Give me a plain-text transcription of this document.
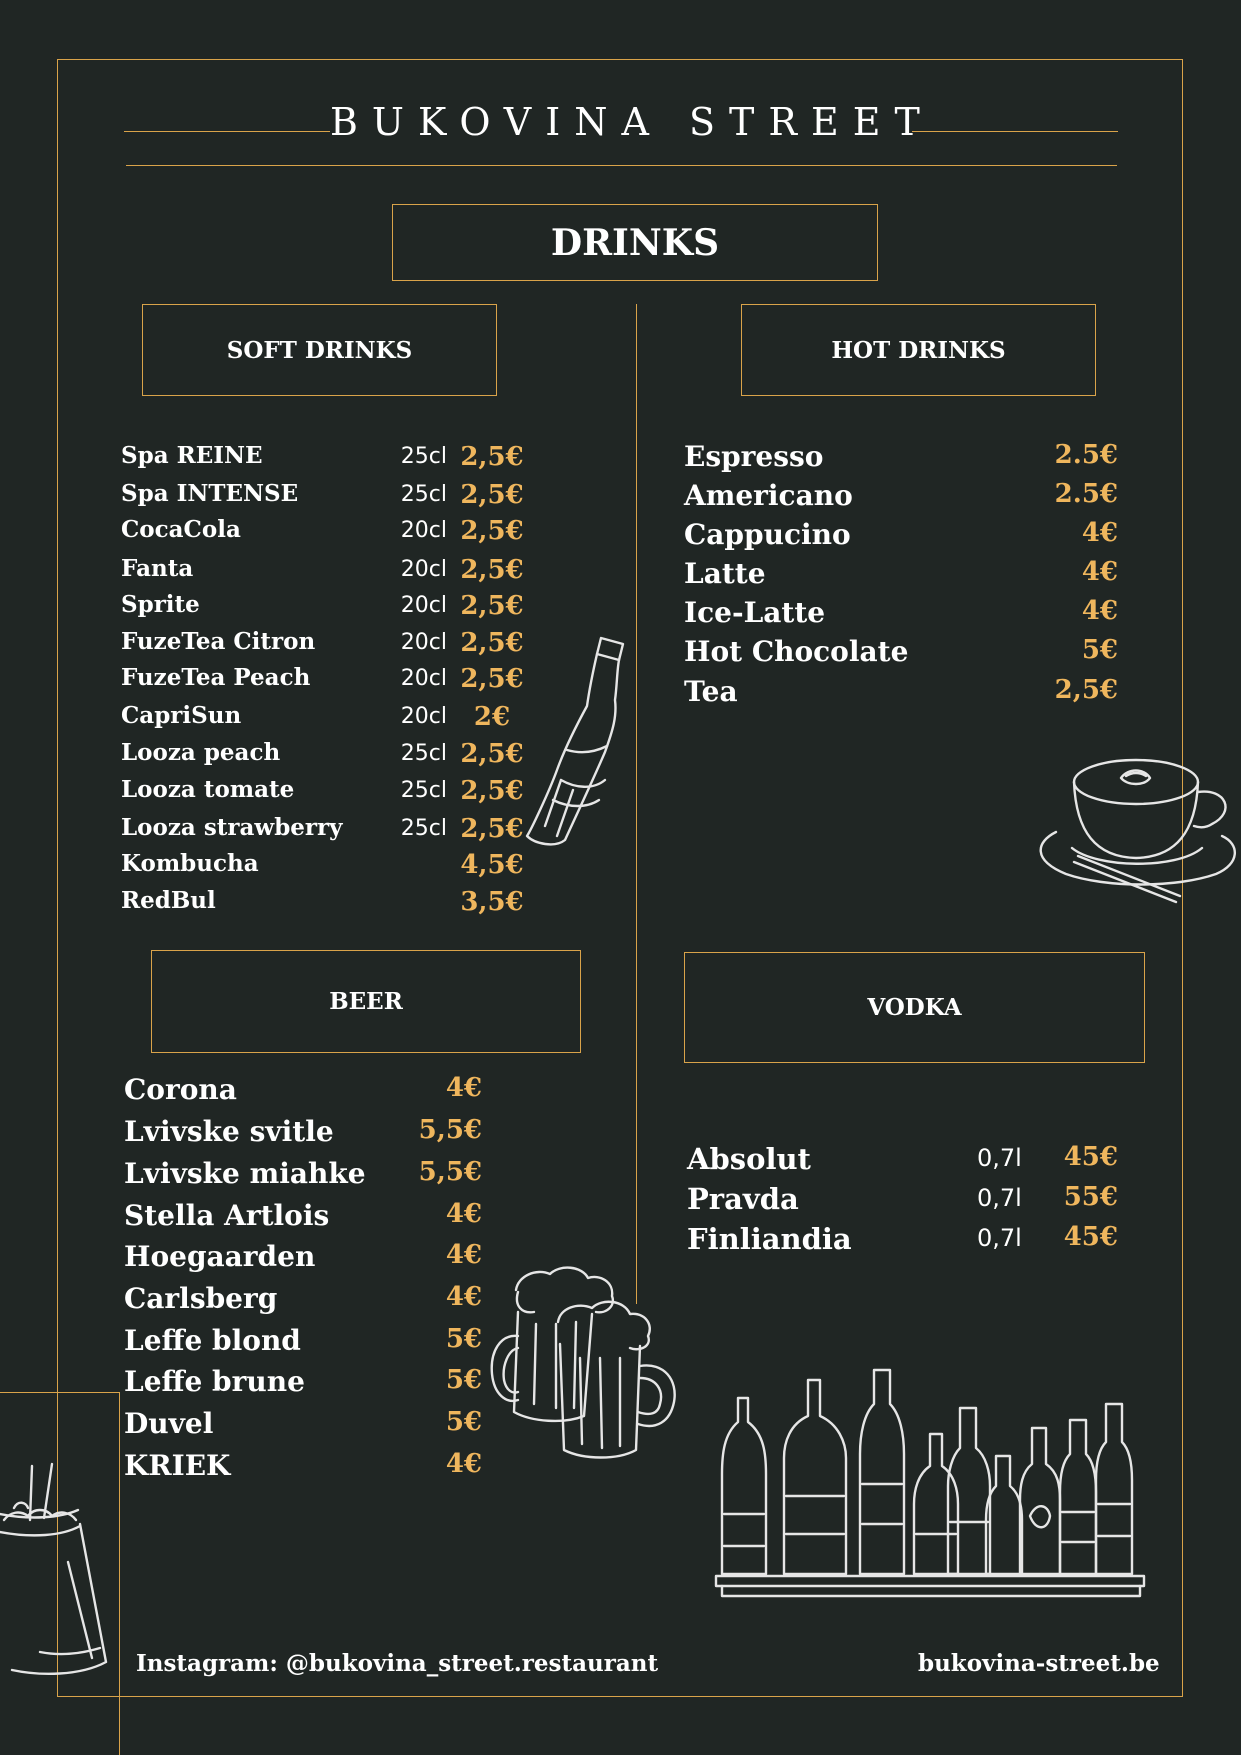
BUKOVINA STREET
DRINKS
SOFT DRINKS
Spa REINE	25cl 2,5€
Spa INTENSE	25cl 2,5€
CocaCola	20cl 2,5€
Fanta	20cl 2,5€
Sprite	20cl 2,5€
FuzeTea Citron	20cl 2,5€
FuzeTea Peach	20cl 2,5€
CapriSun	20cl	2€
Looza peach	25cl 2,5€
Looza tomate	25cl 2,5€
Looza strawberry	25cl 2,5€
Kombucha	4,5€
RedBul	3,5€
HOT DRINKS
Espresso	2.5€
Americano	2.5€
Cappucino	4€
Latte	4€
Ice-Latte	4€
Hot Chocolate	5€
Tea	2,5€
BEER
Corona	4€
Lvivske svitle	5,5€
Lvivske miahke	5,5€
Stella Artlois	4€
Hoegaarden	4€
Carlsberg	4€
Leffe blond	5€
Leffe brune	5€
Duvel	5€
KRIEK	4€
VODKA
Absolut	0,7l	45€
Pravda	0,7l	55€
Finliandia	0,7l	45€
Instagram: @bukovina_street.restaurant	bukovina-street.be
